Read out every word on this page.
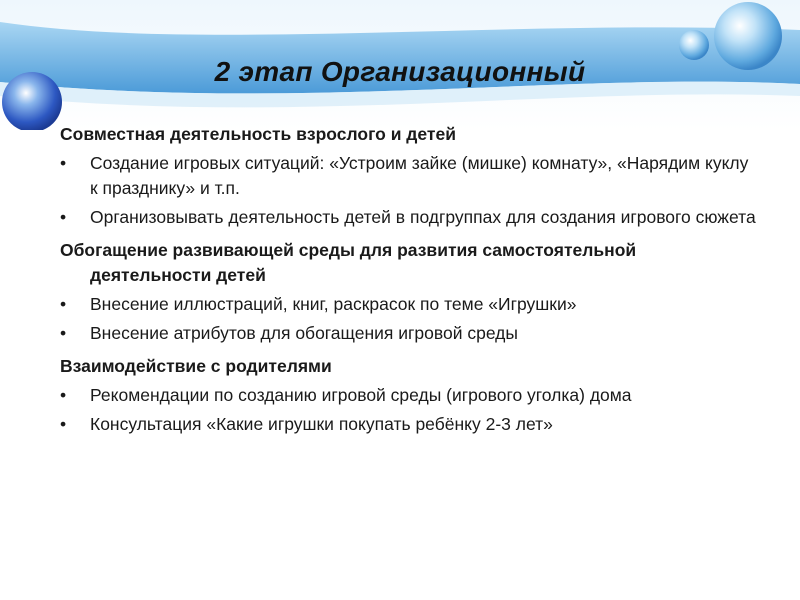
2 этап Организационный
Совместная деятельность взрослого и детей
•	Создание игровых ситуаций: «Устроим зайке (мишке) комнату», «Нарядим куклу к празднику» и т.п.
•	Организовывать деятельность детей в подгруппах для создания игрового сюжета
Обогащение развивающей среды для развития самостоятельной деятельности детей
•	Внесение иллюстраций, книг, раскрасок по теме «Игрушки»
•	Внесение атрибутов для обогащения игровой среды
Взаимодействие с родителями
•	Рекомендации по созданию игровой среды (игрового уголка) дома
•	Консультация «Какие игрушки покупать ребёнку 2-3 лет»
